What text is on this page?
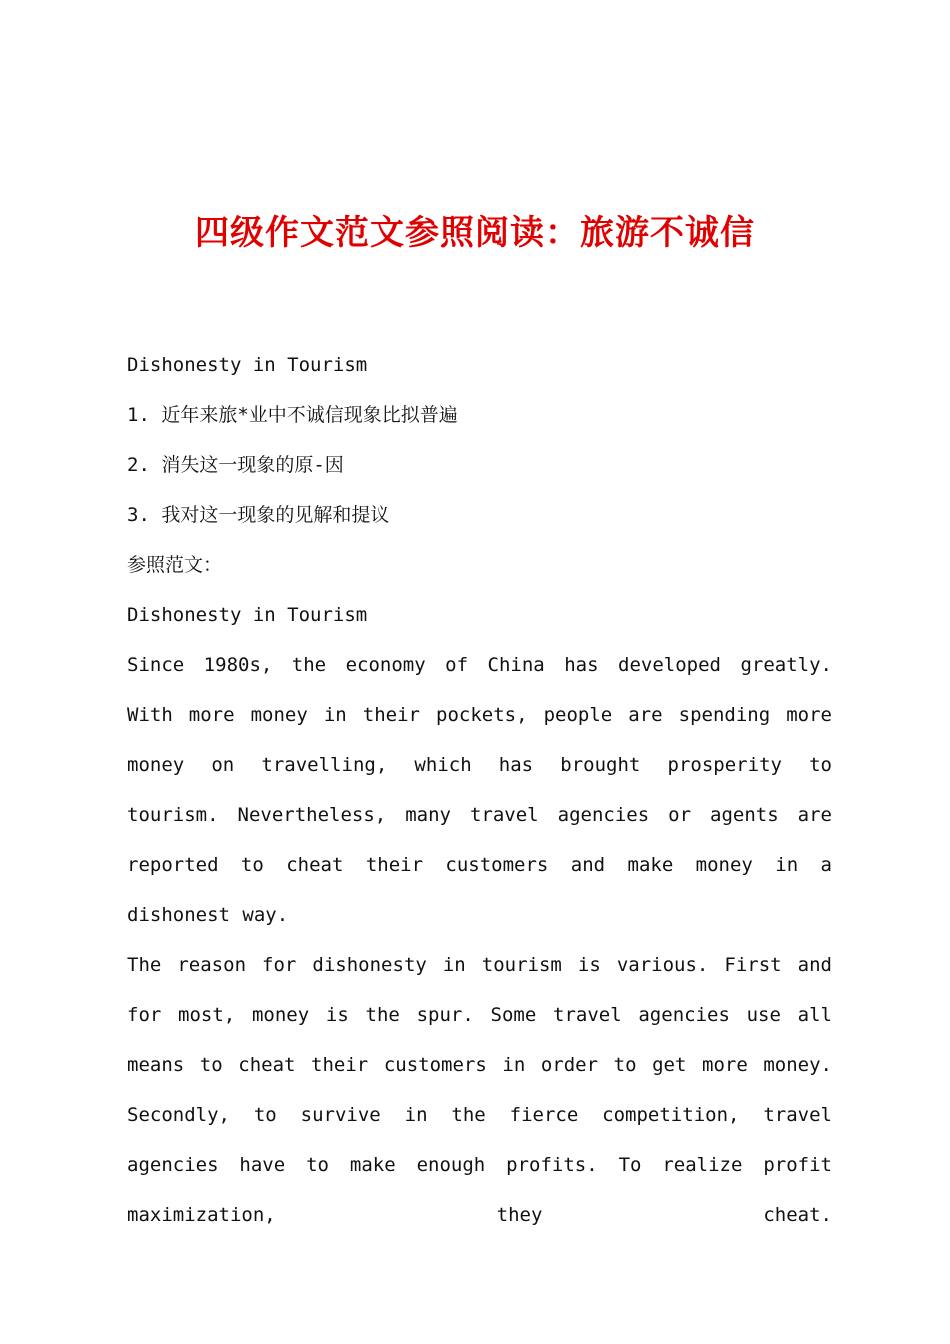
四级作文范文参照阅读：旅游不诚信

Dishonesty in Tourism

1. 近年来旅*业中不诚信现象比拟普遍

2. 消失这一现象的原-因

3. 我对这一现象的见解和提议

参照范文：

Dishonesty in Tourism

Since 1980s, the economy of China has developed greatly. With more money in their pockets, people are spending more money on travelling, which has brought prosperity to tourism. Nevertheless, many travel agencies or agents are reported to cheat their customers and make money in a dishonest way.

The reason for dishonesty in tourism is various. First and for most, money is the spur. Some travel agencies use all means to cheat their customers in order to get more money. Secondly, to survive in the fierce competition, travel agencies have to make enough profits. To realize profit maximization, they cheat.
